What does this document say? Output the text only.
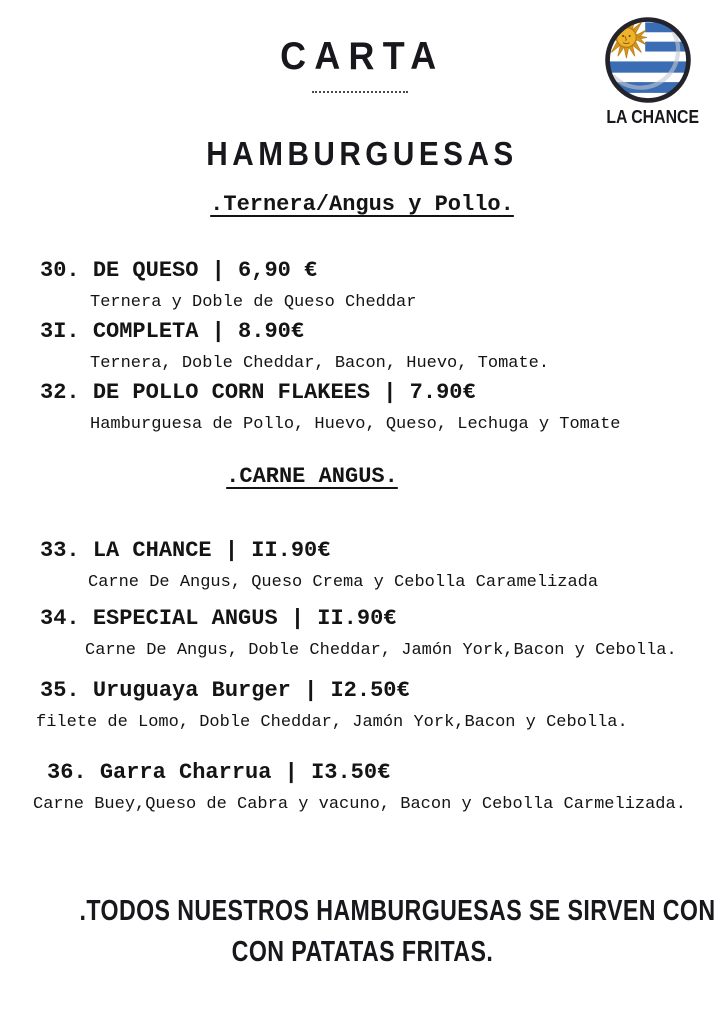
CARTA
LA CHANCE
HAMBURGUESAS
.Ternera/Angus y Pollo.
30. DE QUESO | 6,90 €
Ternera y Doble de Queso Cheddar
3I. COMPLETA | 8.90€
Ternera, Doble Cheddar, Bacon, Huevo, Tomate.
32. DE POLLO CORN FLAKEES | 7.90€
Hamburguesa de Pollo, Huevo, Queso, Lechuga y Tomate
.CARNE ANGUS.
33. LA CHANCE | II.90€
Carne De Angus, Queso Crema y Cebolla Caramelizada
34. ESPECIAL ANGUS | II.90€
Carne De Angus, Doble Cheddar, Jamón York,Bacon y Cebolla.
35. Uruguaya Burger | I2.50€
filete de Lomo, Doble Cheddar, Jamón York,Bacon y Cebolla.
36. Garra Charrua | I3.50€
Carne Buey,Queso de Cabra y vacuno, Bacon y Cebolla Carmelizada.
.TODOS NUESTROS HAMBURGUESAS SE SIRVEN CON
CON PATATAS FRITAS.
